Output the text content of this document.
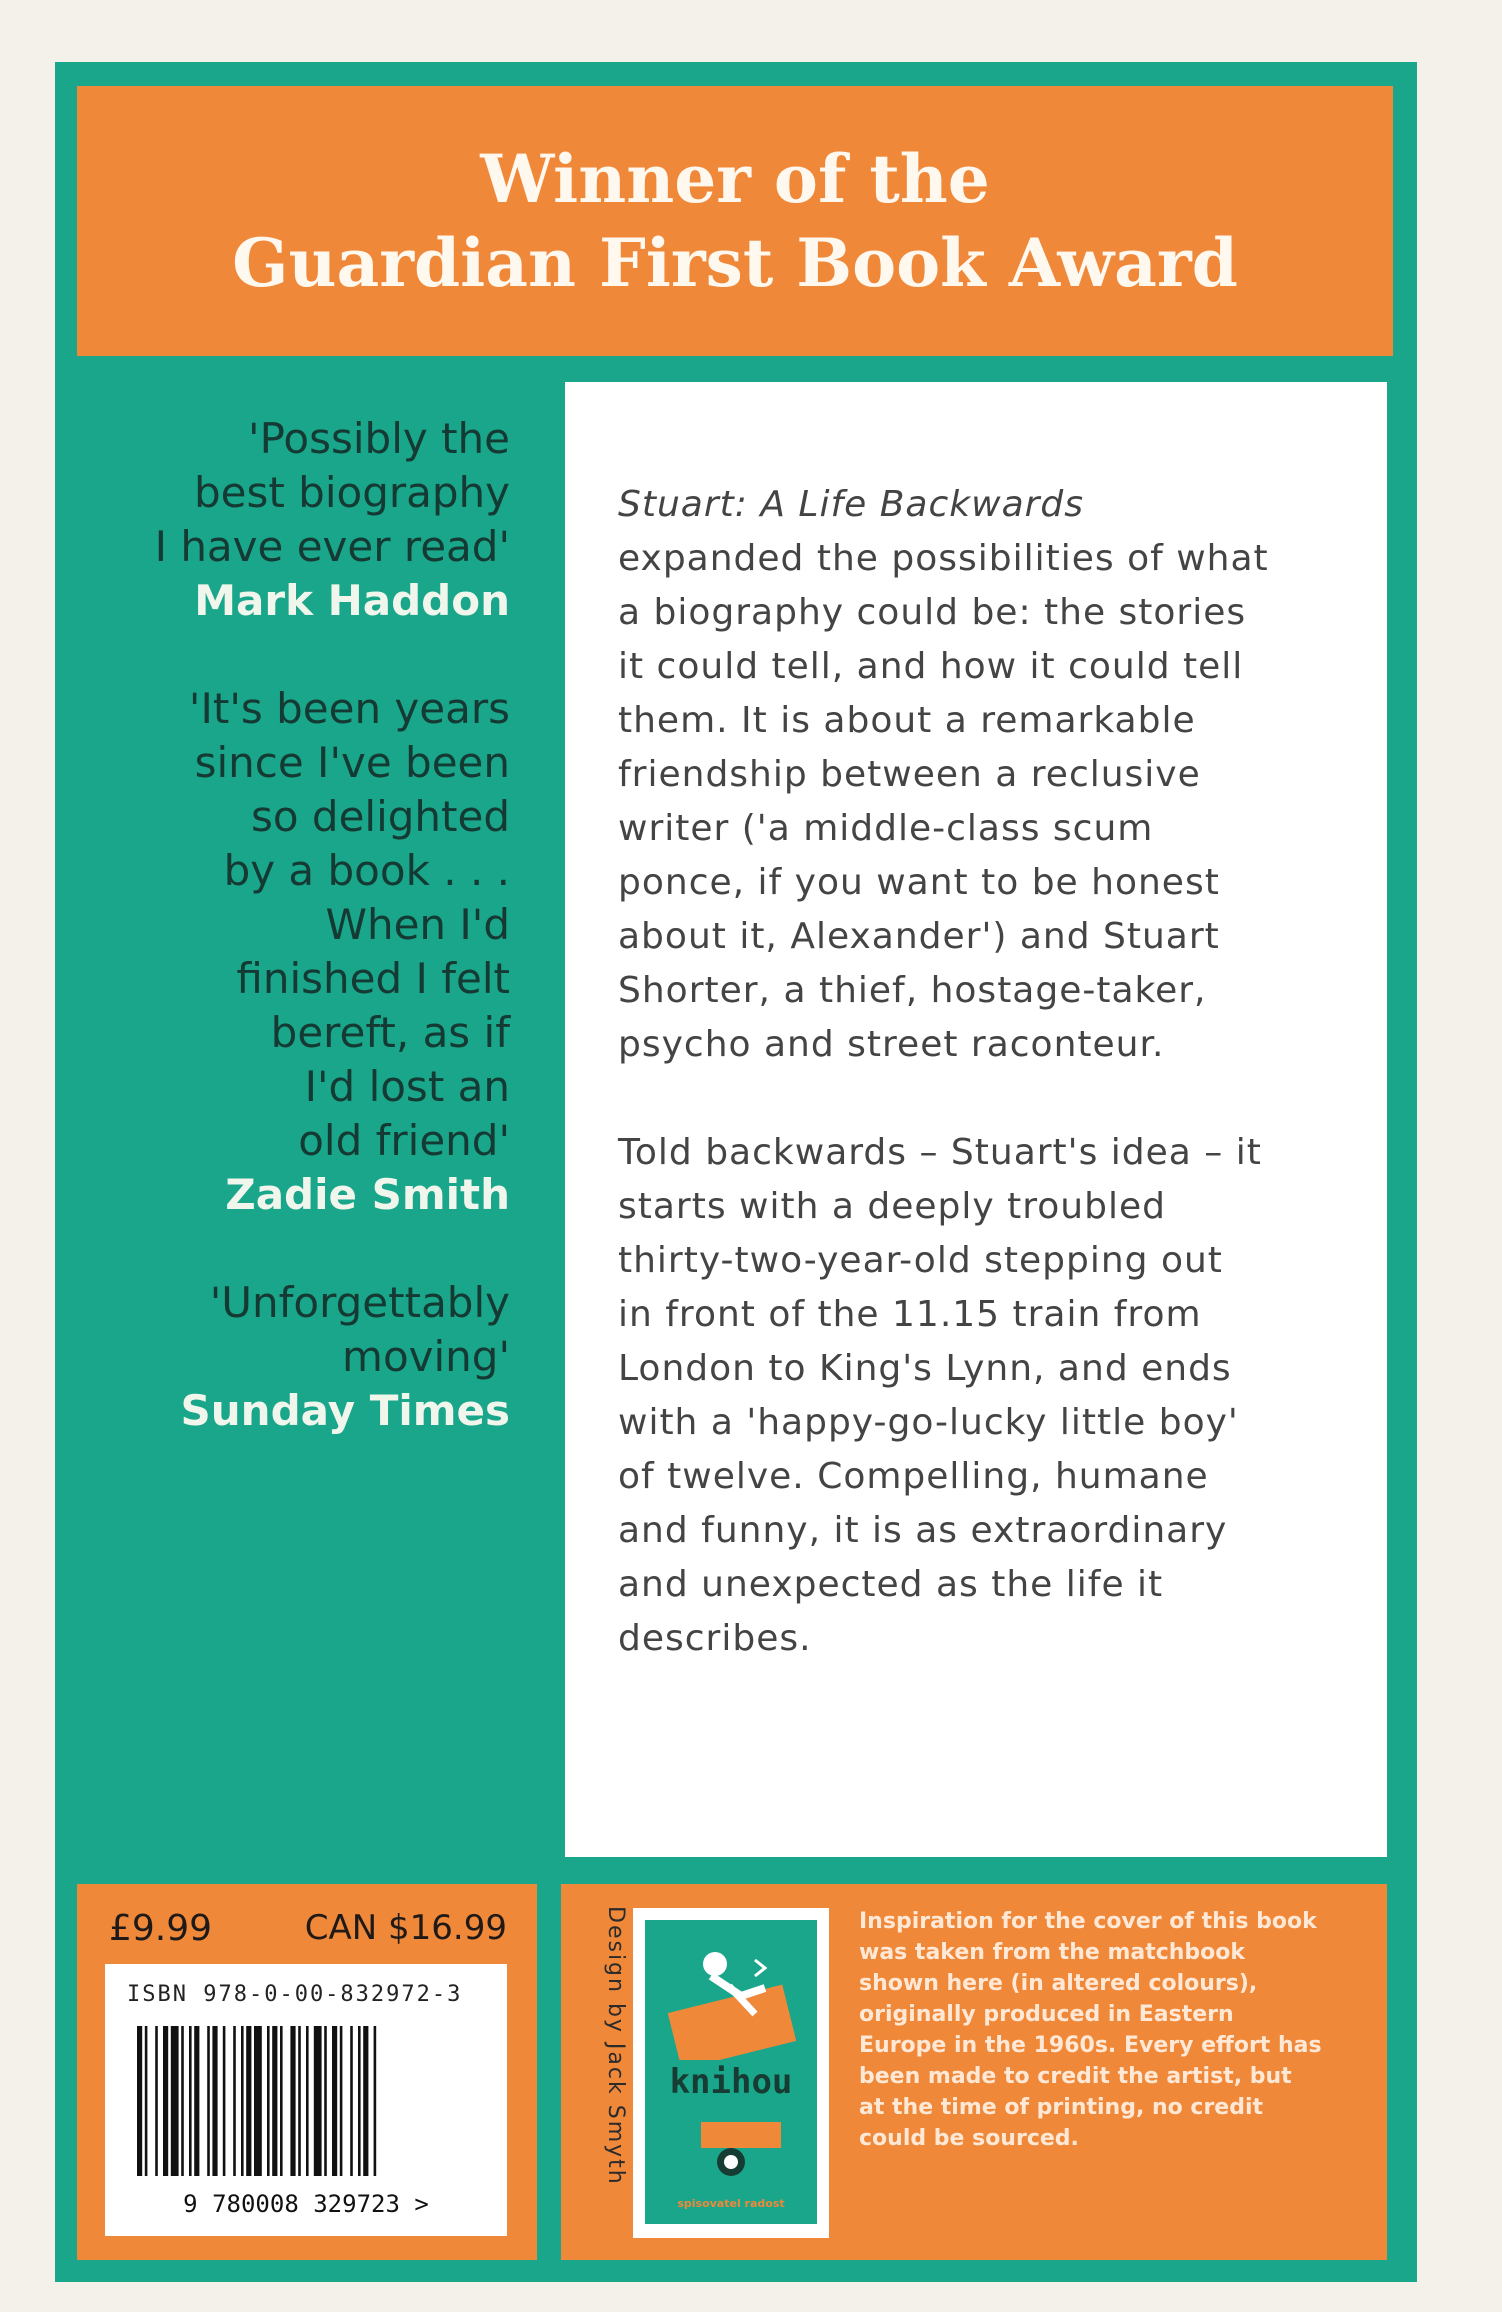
Winner of the
Guardian First Book Award
'Possibly the
best biography
I have ever read'
Mark Haddon
'It's been years
since I've been
so delighted
by a book . . .
When I'd
finished I felt
bereft, as if
I'd lost an
old friend'
Zadie Smith
'Unforgettably
moving'
Sunday Times
Stuart: A Life Backwards
expanded the possibilities of what
a biography could be: the stories
it could tell, and how it could tell
them. It is about a remarkable
friendship between a reclusive
writer ('a middle-class scum
ponce, if you want to be honest
about it, Alexander') and Stuart
Shorter, a thief, hostage-taker,
psycho and street raconteur.
Told backwards – Stuart's idea – it
starts with a deeply troubled
thirty-two-year-old stepping out
in front of the 11.15 train from
London to King's Lynn, and ends
with a 'happy-go-lucky little boy'
of twelve. Compelling, humane
and funny, it is as extraordinary
and unexpected as the life it
describes.
£9.99	CAN $16.99
ISBN 978-0-00-832972-3
9 780008 329723 >
Design by Jack Smyth	knihou
spisovatel radost
Inspiration for the cover of this book
was taken from the matchbook
shown here (in altered colours),
originally produced in Eastern
Europe in the 1960s. Every effort has
been made to credit the artist, but
at the time of printing, no credit
could be sourced.
